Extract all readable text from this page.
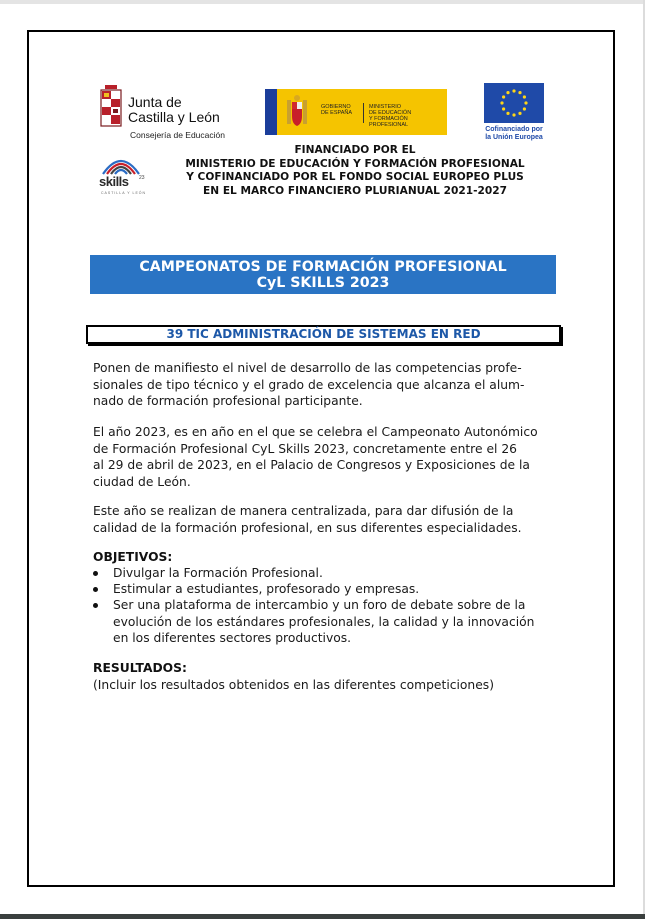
Junta de
Castilla y León
Consejería de Educación
GOBIERNO
DE ESPAÑA
MINISTERIO
DE EDUCACIÓN
Y FORMACIÓN PROFESIONAL
Cofinanciado por
la Unión Europea
skills 23
CASTILLA Y LEÓN
FINANCIADO POR EL
MINISTERIO DE EDUCACIÓN Y FORMACIÓN PROFESIONAL
Y COFINANCIADO POR EL FONDO SOCIAL EUROPEO PLUS
EN EL MARCO FINANCIERO PLURIANUAL 2021-2027
CAMPEONATOS DE FORMACIÓN PROFESIONAL
CyL SKILLS 2023
39 TIC ADMINISTRACIÓN DE SISTEMAS EN RED
Ponen de manifiesto el nivel de desarrollo de las competencias profe-
sionales de tipo técnico y el grado de excelencia que alcanza el alum-
nado de formación profesional participante.
El año 2023, es en año en el que se celebra el Campeonato Autonómico
de Formación Profesional CyL Skills 2023, concretamente entre el 26
al 29 de abril de 2023, en el Palacio de Congresos y Exposiciones de la
ciudad de León.
Este año se realizan de manera centralizada, para dar difusión de la
calidad de la formación profesional, en sus diferentes especialidades.
OBJETIVOS:
Divulgar la Formación Profesional.
Estimular a estudiantes, profesorado y empresas.
Ser una plataforma de intercambio y un foro de debate sobre de la
evolución de los estándares profesionales, la calidad y la innovación
en los diferentes sectores productivos.
RESULTADOS:
(Incluir los resultados obtenidos en las diferentes competiciones)
